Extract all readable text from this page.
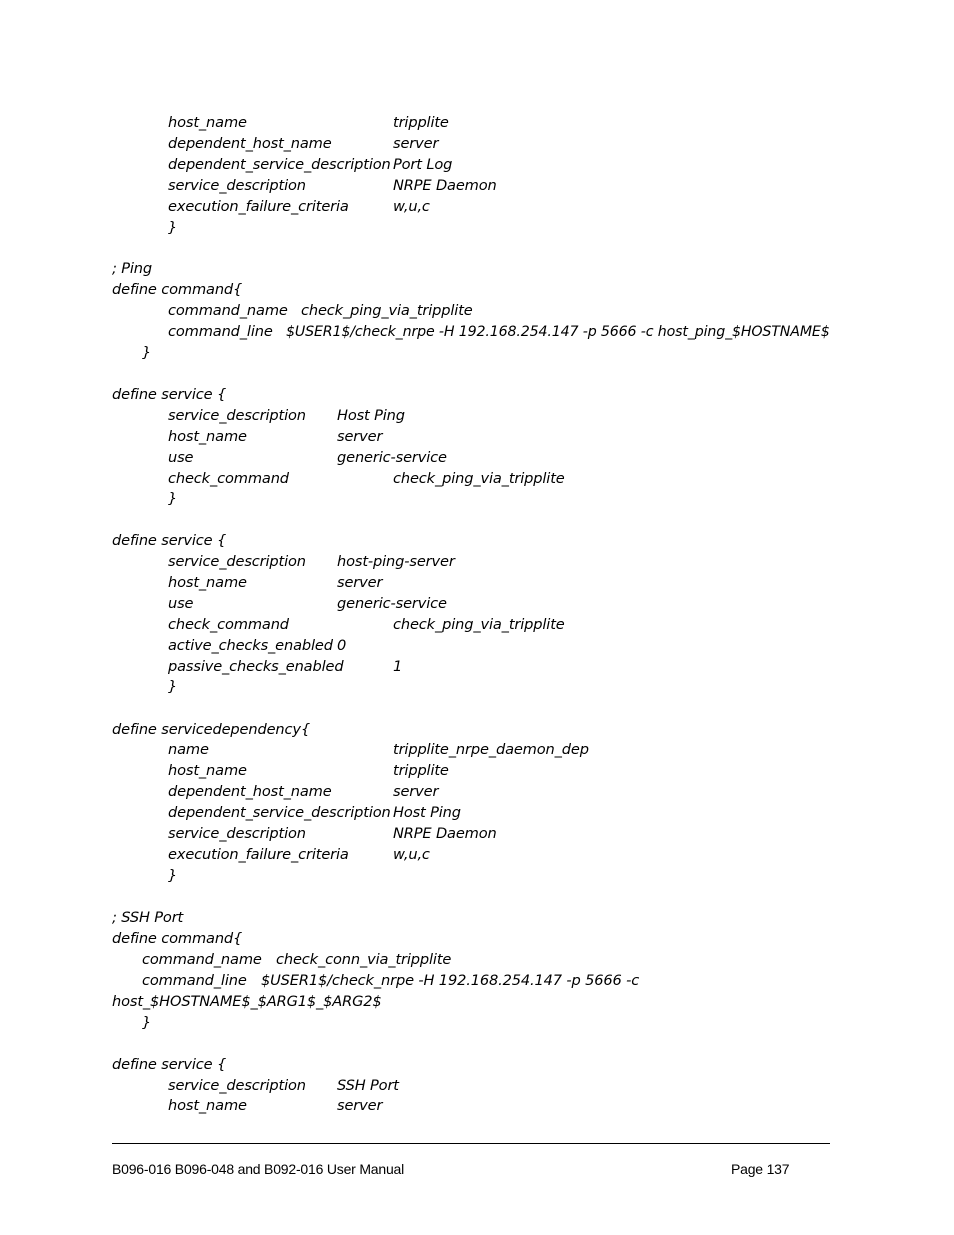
host_name	tripplite
dependent_host_name	server
dependent_service_description Port Log
service_description	NRPE Daemon
execution_failure_criteria	w,u,c
}
; Ping
define command{
command_name check_ping_via_tripplite
command_line $USER1$/check_nrpe -H 192.168.254.147 -p 5666 -c host_ping_$HOSTNAME$
}
define service {
service_description Host Ping
host_name	server
use	generic-service
check_command	check_ping_via_tripplite
}
define service {
service_description host-ping-server
host_name	server
use	generic-service
check_command	check_ping_via_tripplite
active_checks_enabled 0
passive_checks_enabled	1
}
define servicedependency{
name	tripplite_nrpe_daemon_dep
host_name	tripplite
dependent_host_name	server
dependent_service_description Host Ping
service_description	NRPE Daemon
execution_failure_criteria	w,u,c
}
; SSH Port
define command{
command_name check_conn_via_tripplite
command_line $USER1$/check_nrpe -H 192.168.254.147 -p 5666 -c
host_$HOSTNAME$_$ARG1$_$ARG2$
}
define service {
service_description SSH Port
host_name	server
B096-016 B096-048 and B092-016 User Manual	Page 137
